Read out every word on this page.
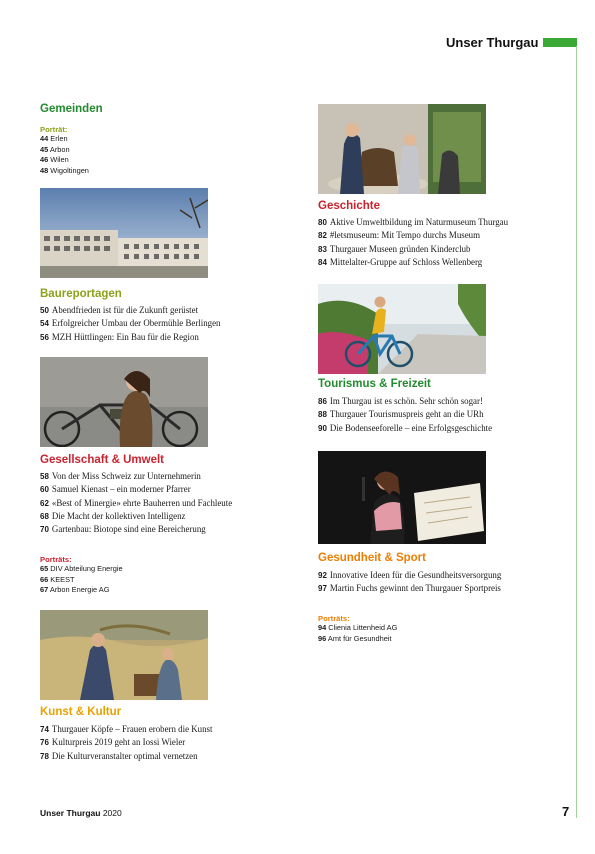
Unser Thurgau
Gemeinden
Porträt:
44 Erlen
45 Arbon
46 Wilen
48 Wigoltingen
Baureportagen
50 Abendfrieden ist für die Zukunft gerüstet
54 Erfolgreicher Umbau der Obermühle Berlingen
56 MZH Hüttlingen: Ein Bau für die Region
Gesellschaft & Umwelt
58 Von der Miss Schweiz zur Unternehmerin
60 Samuel Kienast – ein moderner Pfarrer
62 «Best of Minergie» ehrte Bauherren und Fachleute
68 Die Macht der kollektiven Intelligenz
70 Gartenbau: Biotope sind eine Bereicherung
Porträts:
65 DIV Abteilung Energie
66 KEEST
67 Arbon Energie AG
Kunst & Kultur
74 Thurgauer Köpfe – Frauen erobern die Kunst
76 Kulturpreis 2019 geht an Iossi Wieler
78 Die Kulturveranstalter optimal vernetzen
Geschichte
80 Aktive Umweltbildung im Naturmuseum Thurgau
82 #letsmuseum: Mit Tempo durchs Museum
83 Thurgauer Museen gründen Kinderclub
84 Mittelalter-Gruppe auf Schloss Wellenberg
Tourismus & Freizeit
86 Im Thurgau ist es schön. Sehr schön sogar!
88 Thurgauer Tourismuspreis geht an die URh
90 Die Bodenseeforelle – eine Erfolgsgeschichte
Gesundheit & Sport
92 Innovative Ideen für die Gesundheitsversorgung
97 Martin Fuchs gewinnt den Thurgauer Sportpreis
Porträts:
94 Clienia Littenheid AG
96 Amt für Gesundheit
Unser Thurgau 2020	7
